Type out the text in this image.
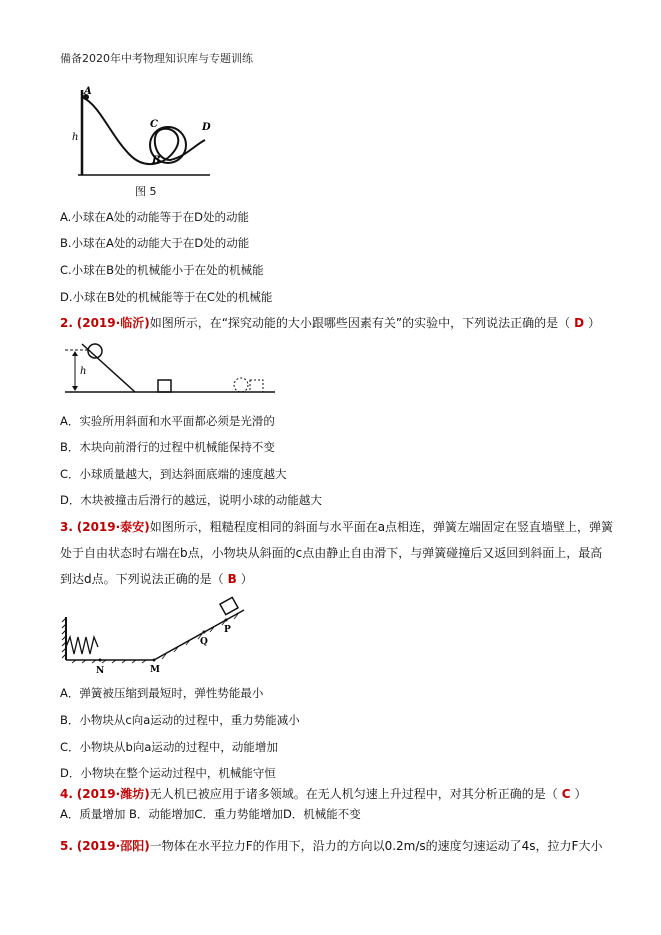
備备2020年中考物理知识库与专题训练
A
h
C
B
D
图 5
A.小球在A处的动能等于在D处的动能
B.小球在A处的动能大于在D处的动能
C.小球在B处的机械能小于在处的机械能
D.小球在B处的机械能等于在C处的机械能
2. (2019·临沂)如图所示，在“探究动能的大小跟哪些因素有关”的实验中，下列说法正确的是（ D ）
h
A．实验所用斜面和水平面都必须是光滑的
B．木块向前滑行的过程中机械能保持不变
C．小球质量越大，到达斜面底端的速度越大
D．木块被撞击后滑行的越远，说明小球的动能越大
3. (2019·泰安)如图所示，粗糙程度相同的斜面与水平面在a点相连，弹簧左端固定在竖直墙壁上，弹簧
处于自由状态时右端在b点，小物块从斜面的c点由静止自由滑下，与弹簧碰撞后又返回到斜面上，最高
到达d点。下列说法正确的是（ B ）
N	M
Q
P
A．弹簧被压缩到最短时，弹性势能最小
B．小物块从c向a运动的过程中，重力势能减小
C．小物块从b向a运动的过程中，动能增加
D．小物块在整个运动过程中，机械能守恒
4. (2019·潍坊)无人机已被应用于诸多领域。在无人机匀速上升过程中，对其分析正确的是（ C ）
A．质量增加 B．动能增加C．重力势能增加D．机械能不变
5. (2019·邵阳)一物体在水平拉力F的作用下，沿力的方向以0.2m/s的速度匀速运动了4s，拉力F大小
